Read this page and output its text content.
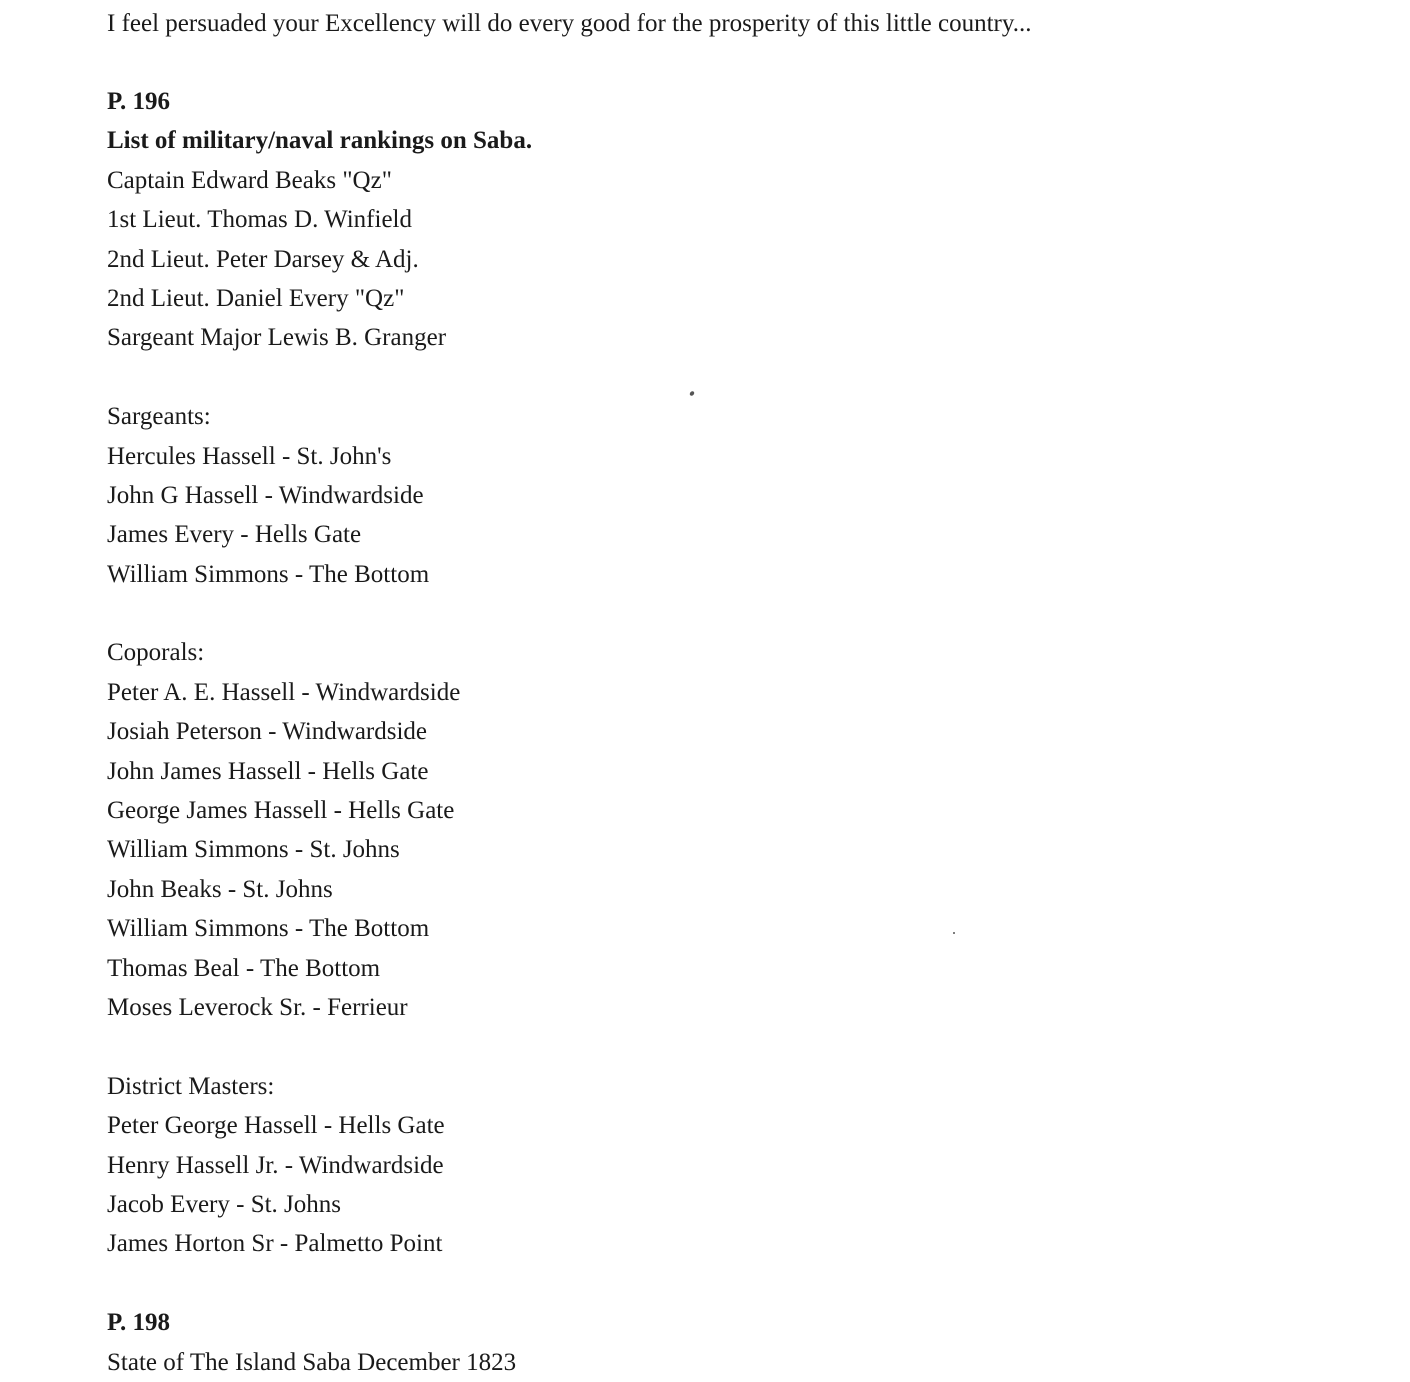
I feel persuaded your Excellency will do every good for the prosperity of this little country...
P. 196
List of military/naval rankings on Saba.
Captain Edward Beaks "Qz"
1st Lieut. Thomas D. Winfield
2nd Lieut. Peter Darsey & Adj.
2nd Lieut. Daniel Every "Qz"
Sargeant Major Lewis B. Granger
Sargeants:
Hercules Hassell - St. John's
John G Hassell - Windwardside
James Every - Hells Gate
William Simmons - The Bottom
Coporals:
Peter A. E. Hassell - Windwardside
Josiah Peterson - Windwardside
John James Hassell - Hells Gate
George James Hassell - Hells Gate
William Simmons - St. Johns
John Beaks - St. Johns
William Simmons - The Bottom
Thomas Beal - The Bottom
Moses Leverock Sr. - Ferrieur
District Masters:
Peter George Hassell - Hells Gate
Henry Hassell Jr. - Windwardside
Jacob Every - St. Johns
James Horton Sr - Palmetto Point
P. 198
State of The Island Saba December 1823
